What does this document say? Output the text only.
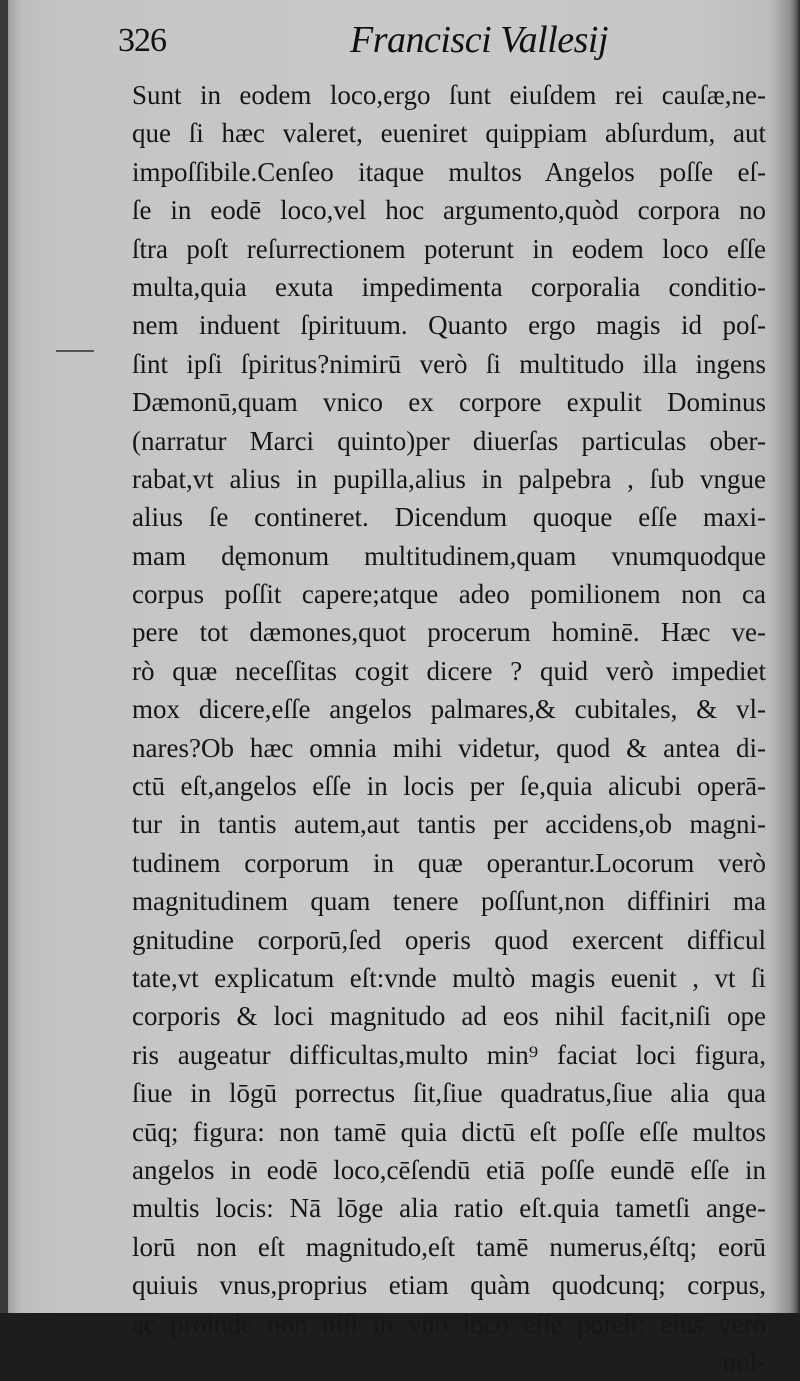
326	Francisci Vallesij
Sunt in eodem loco,ergo ſunt eiuſdem rei cauſæ,ne-
que ſi hæc valeret, eueniret quippiam abſurdum, aut
impoſſibile.Cenſeo itaque multos Angelos poſſe eſ-
ſe in eodē loco,vel hoc argumento,quòd corpora no
ſtra poſt reſurrectionem poterunt in eodem loco eſſe
multa,quia exuta impedimenta corporalia conditio-
nem induent ſpirituum. Quanto ergo magis id poſ-
ſint ipſi ſpiritus?nimirū verò ſi multitudo illa ingens
Dæmonū,quam vnico ex corpore expulit Dominus
(narratur Marci quinto)per diuerſas particulas ober-
rabat,vt alius in pupilla,alius in palpebra , ſub vngue
alius ſe contineret. Dicendum quoque eſſe maxi-
mam dęmonum multitudinem,quam vnumquodque
corpus poſſit capere;atque adeo pomilionem non ca
pere tot dæmones,quot procerum hominē. Hæc ve-
rò quæ neceſſitas cogit dicere ? quid verò impediet
mox dicere,eſſe angelos palmares,& cubitales, & vl-
nares?Ob hæc omnia mihi videtur, quod & antea di-
ctū eſt,angelos eſſe in locis per ſe,quia alicubi operā-
tur in tantis autem,aut tantis per accidens,ob magni-
tudinem corporum in quæ operantur.Locorum verò
magnitudinem quam tenere poſſunt,non diffiniri ma
gnitudine corporū,ſed operis quod exercent difficul
tate,vt explicatum eſt:vnde multò magis euenit , vt ſi
corporis & loci magnitudo ad eos nihil facit,niſi ope
ris augeatur difficultas,multo min⁹ faciat loci figura,
ſiue in lōgū porrectus ſit,ſiue quadratus,ſiue alia qua
cūq; figura: non tamē quia dictū eſt poſſe eſſe multos
angelos in eodē loco,cēſendū etiā poſſe eundē eſſe in
multis locis: Nā lōge alia ratio eſt.quia tametſi ange-
lorū non eſt magnitudo,eſt tamē numerus,éſtq; eorū
quiuis vnus,proprius etiam quàm quodcunq; corpus,
ac proinde non niſi in vno loco eſſe poteſt; eius verò
nul-
